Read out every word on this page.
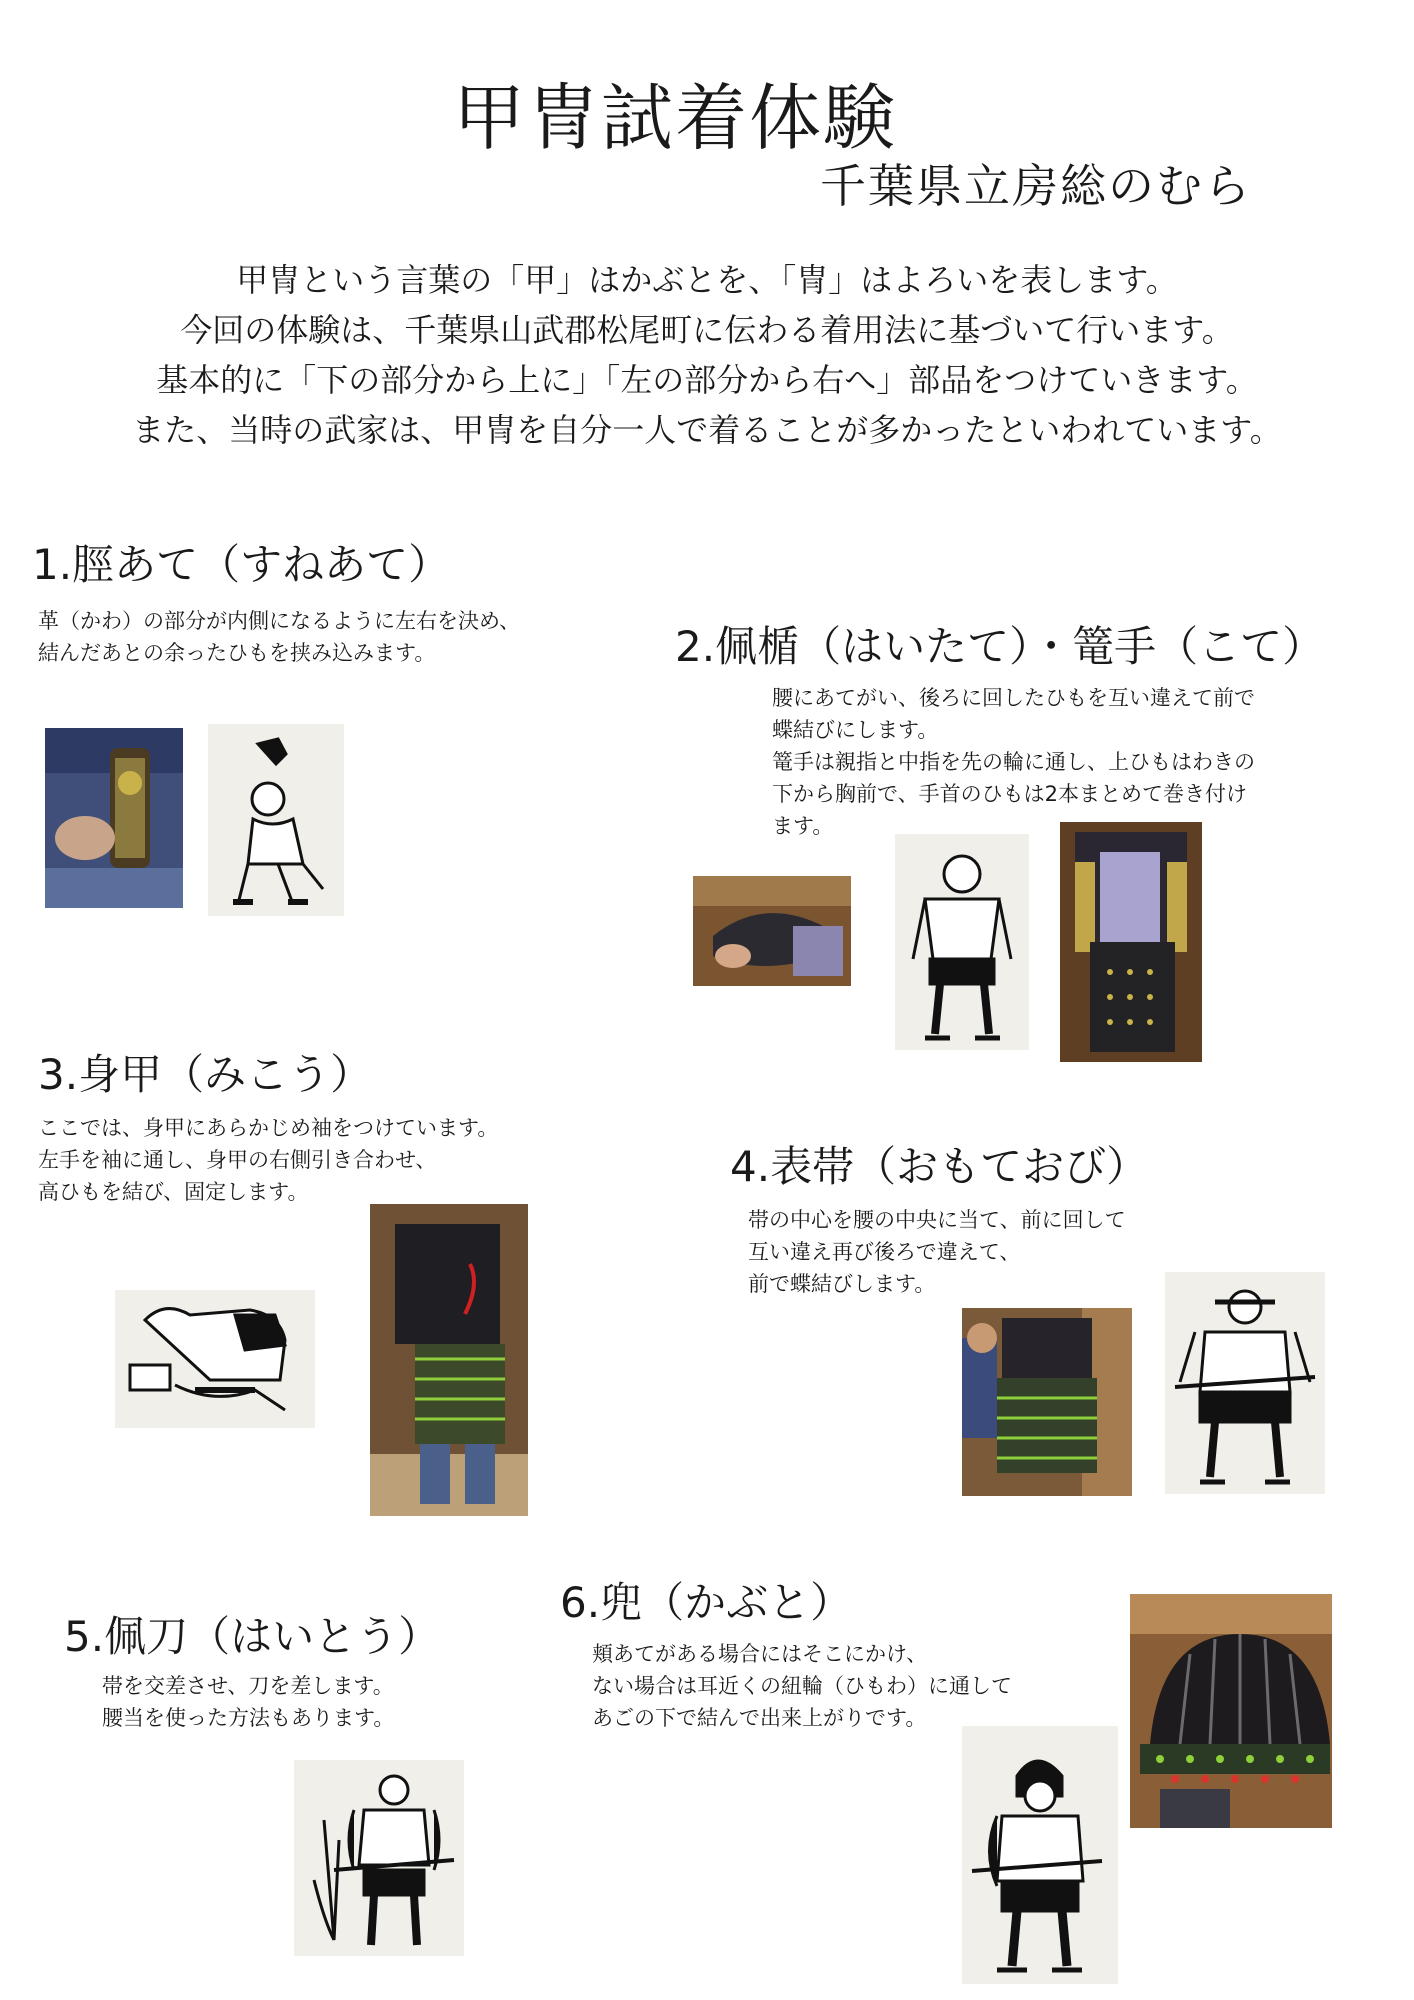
甲冑試着体験
千葉県立房総のむら
甲冑という言葉の「甲」はかぶとを、「冑」はよろいを表します。
今回の体験は、千葉県山武郡松尾町に伝わる着用法に基づいて行います。
基本的に「下の部分から上に」「左の部分から右へ」部品をつけていきます。
また、当時の武家は、甲冑を自分一人で着ることが多かったといわれています。
1.脛あて（すねあて）
革（かわ）の部分が内側になるように左右を決め、
結んだあとの余ったひもを挟み込みます。	2.佩楯（はいたて）・篭手（こて）
腰にあてがい、後ろに回したひもを互い違えて前で
蝶結びにします。
篭手は親指と中指を先の輪に通し、上ひもはわきの
下から胸前で、手首のひもは2本まとめて巻き付け
ます。
3.身甲（みこう）
ここでは、身甲にあらかじめ袖をつけています。
左手を袖に通し、身甲の右側引き合わせ、
高ひもを結び、固定します。
4.表帯（おもておび）
帯の中心を腰の中央に当て、前に回して
互い違え再び後ろで違えて、
前で蝶結びします。
5.佩刀（はいとう）
帯を交差させ、刀を差します。
腰当を使った方法もあります。
6.兜（かぶと）
頬あてがある場合にはそこにかけ、
ない場合は耳近くの紐輪（ひもわ）に通して
あごの下で結んで出来上がりです。
